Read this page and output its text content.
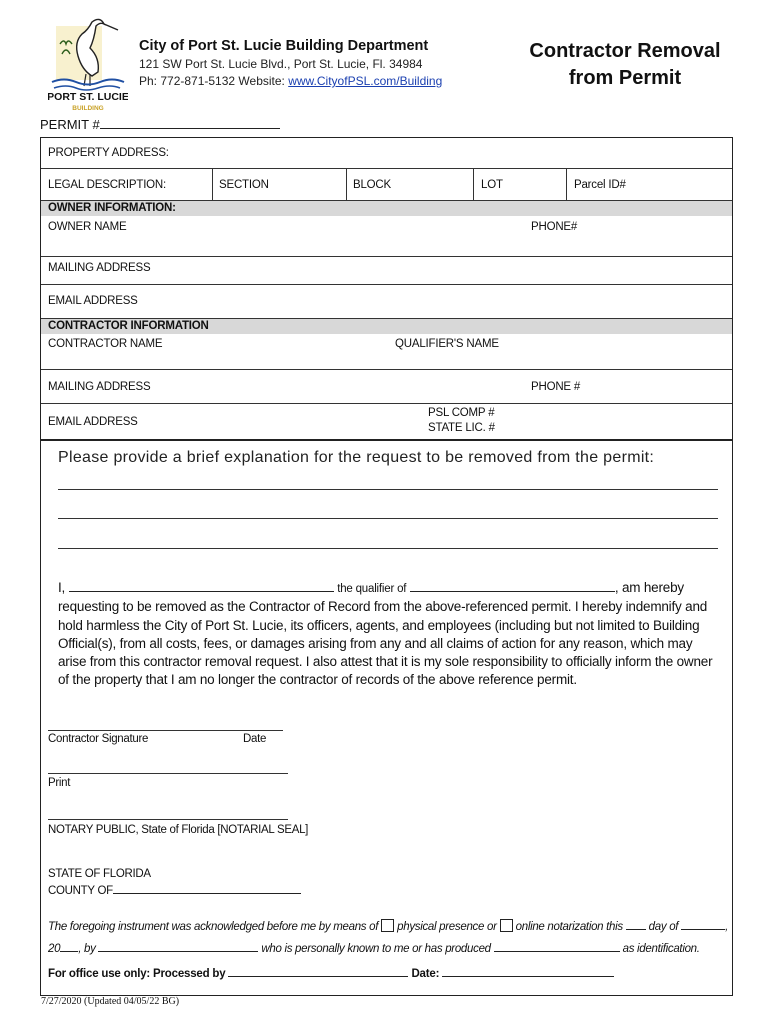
PORT ST. LUCIE
BUILDING
City of Port St. Lucie Building Department
121 SW Port St. Lucie Blvd., Port St. Lucie, Fl. 34984
Ph: 772-871-5132 Website: www.CityofPSL.com/Building
Contractor Removal
from Permit
PERMIT #
PROPERTY ADDRESS:
LEGAL DESCRIPTION:	SECTION	BLOCK	LOT	Parcel ID#
OWNER INFORMATION:
OWNER NAME	PHONE#
MAILING ADDRESS
EMAIL ADDRESS
CONTRACTOR INFORMATION
CONTRACTOR NAME	QUALIFIER'S NAME
MAILING ADDRESS	PHONE #
EMAIL ADDRESS
PSL COMP #
STATE LIC. #
Please provide a brief explanation for the request to be removed from the permit:
I,	the qualifier of	, am hereby
requesting to be removed as the Contractor of Record from the above-referenced permit. I hereby indemnify and hold harmless the City of Port St. Lucie, its officers, agents, and employees (including but not limited to Building Official(s), from all costs, fees, or damages arising from any and all claims of action for any reason, which may arise from this contractor removal request. I also attest that it is my sole responsibility to officially inform the owner of the property that I am no longer the contractor of records of the above reference permit.
Contractor Signature	Date
Print
NOTARY PUBLIC, State of Florida [NOTARIAL SEAL]
STATE OF FLORIDA
COUNTY OF
The foregoing instrument was acknowledged before me by means of physical presence or online notarization this day of	,
20 , by	who is personally known to me or has produced	as identification.
For office use only: Processed by	Date:
7/27/2020 (Updated 04/05/22 BG)
